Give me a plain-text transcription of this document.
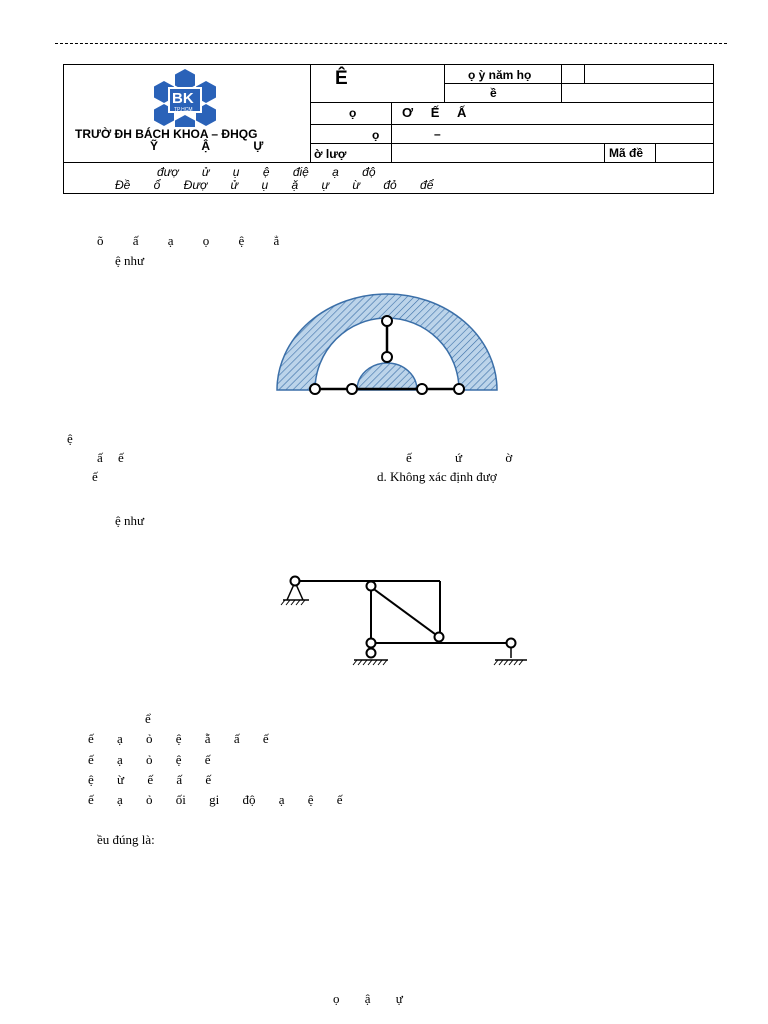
BK
TP.HCM
TRƯỜ ĐH BÁCH KHOA – ĐHQG
Ỹ Ậ Ự
Ê	ọ ỳ năm họ
ề
ọ	Ơ Ế Ấ
ọ	–
ờ lượ	Mã đề
đượ ử ụ ệ điệ ạ độ
Đề ổ Đượ ử ụ ặ ự ừ đỏ để
õ ấ ạ ọ ệ ẳ
ệ như
ệ
ấ ế	ế ứ ờ
ế	d. Không xác định đượ
ệ như
ể
ế ạ ỏ ệ ẵ ấ ế
ế ạ ỏ ệ ế
ệ ừ ế ấ ế
ế ạ ỏ ối gi độ ạ ệ ế
ều đúng là:
ọ ậ ự
